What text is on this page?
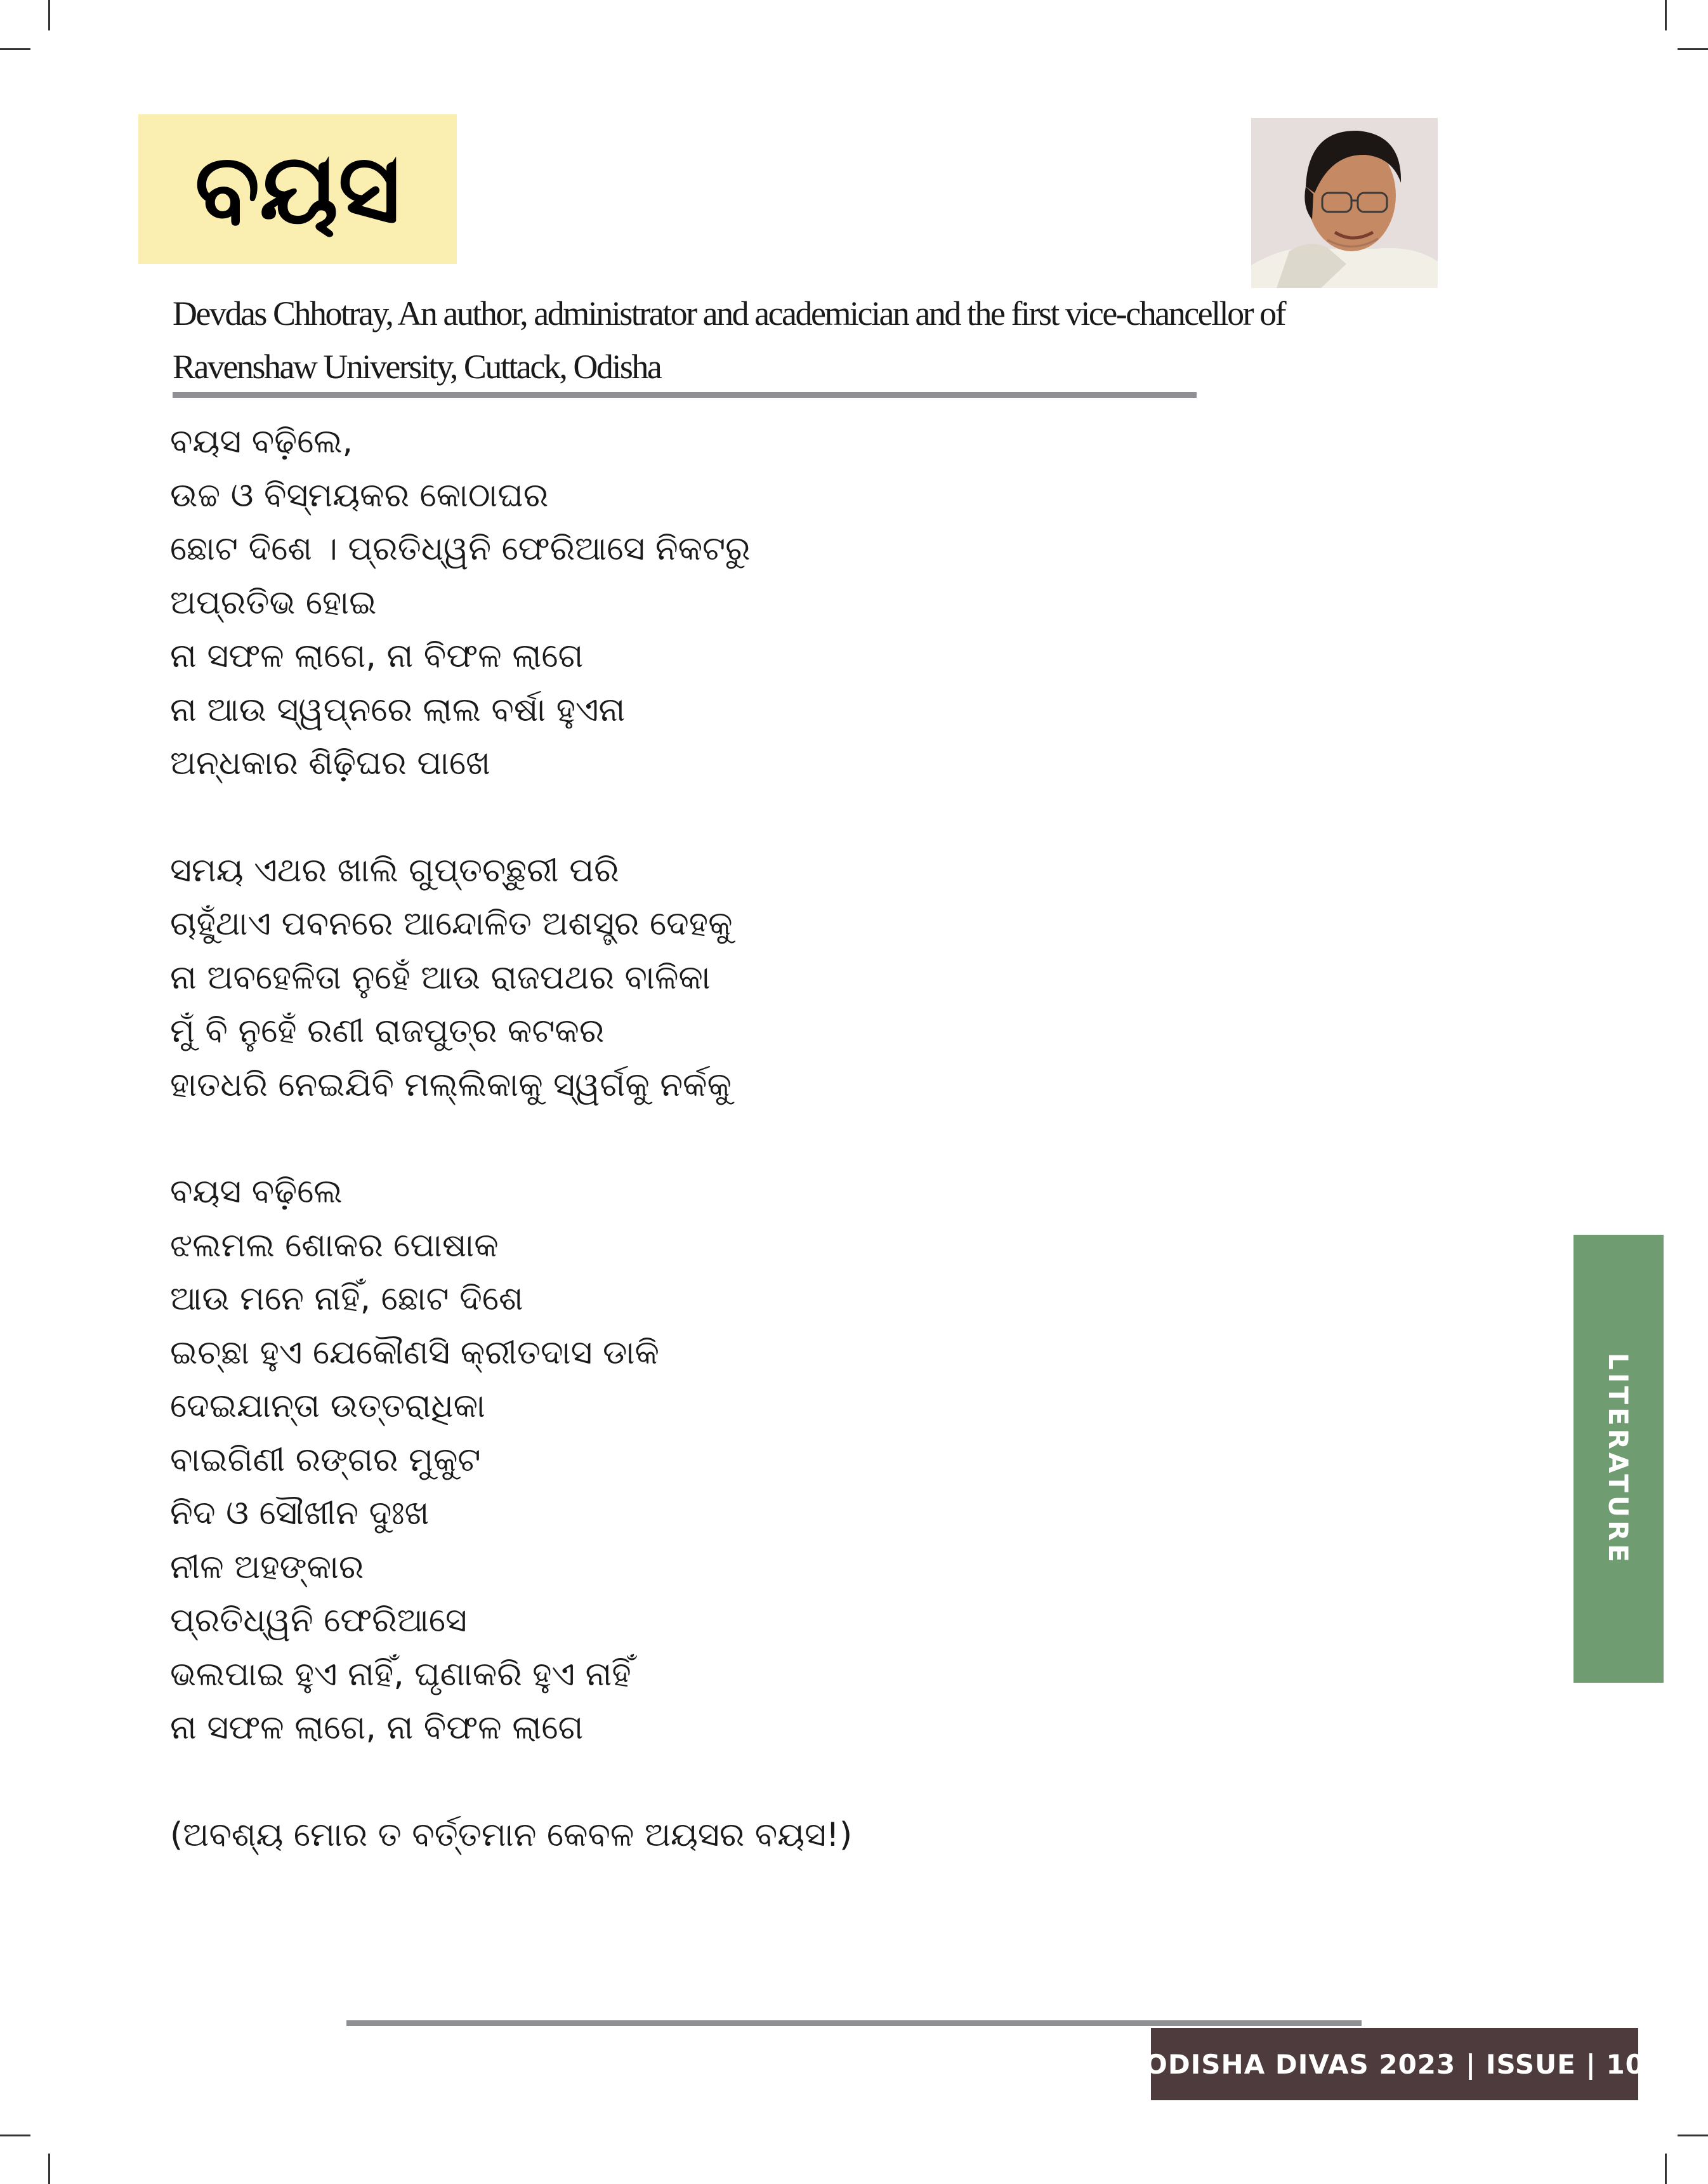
ବୟସ
Devdas Chhotray, An author, administrator and academician and the first vice-chancellor of
Ravenshaw University, Cuttack, Odisha
ବୟସ ବଢ଼ିଲେ,
ଉଚ୍ଚ ଓ ବିସ୍ମୟକର କୋଠାଘର
ଛୋଟ ଦିଶେ । ପ୍ରତିଧ୍ୱନି ଫେରିଆସେ ନିକଟରୁ
ଅପ୍ରତିଭ ହୋଇ
ନା ସଫଳ ଲାଗେ, ନା ବିଫଳ ଲାଗେ
ନା ଆଉ ସ୍ୱପ୍ନରେ ଲାଲ ବର୍ଷା ହୁଏନା
ଅନ୍ଧକାର ଶିଢ଼ିଘର ପାଖେ
ସମୟ ଏଥର ଖାଲି ଗୁପ୍ତଚ୍ଛୁରୀ ପରି
ଚାହୁଁଥାଏ ପବନରେ ଆନ୍ଦୋଳିତ ଅଶସ୍ତ୍ର ଦେହକୁ
ନା ଅବହେଳିତା ନୁହେଁ ଆଉ ରାଜପଥର ବାଳିକା
ମୁଁ ବି ନୁହେଁ ରଣୀ ରାଜପୁତ୍ର କଟକର
ହାତଧରି ନେଇଯିବି ମଲ୍ଲିକାକୁ ସ୍ୱର୍ଗକୁ ନର୍କକୁ
ବୟସ ବଢ଼ିଲେ
ଝଲମଲ ଶୋକର ପୋଷାକ
ଆଉ ମନେ ନାହିଁ, ଛୋଟ ଦିଶେ
ଇଚ୍ଛା ହୁଏ ଯେକୌଣସି କ୍ରୀତଦାସ ଡାକି
ଦେଇଯାନ୍ତା ଉତ୍ତରାଧିକା
ବାଇଗିଣୀ ରଙ୍ଗର ମୁକୁଟ
ନିଦ ଓ ସୌଖୀନ ଦୁଃଖ
ନୀଳ ଅହଙ୍କାର
ପ୍ରତିଧ୍ୱନି ଫେରିଆସେ
ଭଲପାଇ ହୁଏ ନାହିଁ, ଘୃଣାକରି ହୁଏ ନାହିଁ
ନା ସଫଳ ଲାଗେ, ନା ବିଫଳ ଲାଗେ
(ଅବଶ୍ୟ ମୋର ତ ବର୍ତ୍ତମାନ କେବଳ ଅୟସର ବୟସ!)
LITERATURE
ODISHA DIVAS 2023 | ISSUE | 10
